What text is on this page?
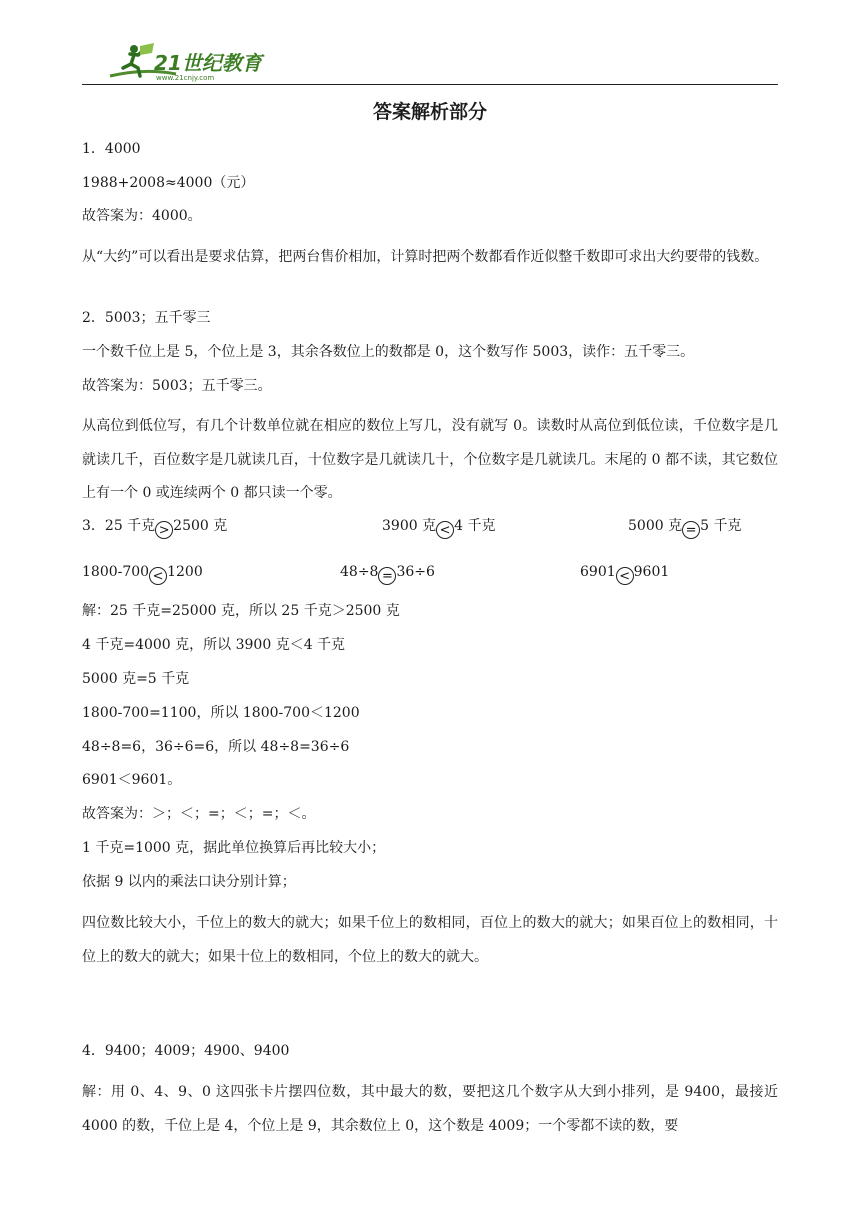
21世纪教育
www.21cnjy.com
答案解析部分
1．4000
1988+2008≈4000（元）
故答案为：4000。
从“大约”可以看出是要求估算，把两台售价相加，计算时把两个数都看作近似整千数即可求出大约要带的钱数。
2．5003；五千零三
一个数千位上是 5，个位上是 3，其余各数位上的数都是 0，这个数写作 5003，读作：五千零三。
故答案为：5003；五千零三。
从高位到低位写，有几个计数单位就在相应的数位上写几，没有就写 0。读数时从高位到低位读，千位数字是几就读几千，百位数字是几就读几百，十位数字是几就读几十，个位数字是几就读几。末尾的 0 都不读，其它数位上有一个 0 或连续两个 0 都只读一个零。
3．25 千克 > 2500 克	3900 克 < 4 千克	5000 克 = 5 千克
1800-700 < 1200	48÷8 = 36÷6	6901 < 9601
解：25 千克=25000 克，所以 25 千克＞2500 克
4 千克=4000 克，所以 3900 克＜4 千克
5000 克=5 千克
1800-700=1100，所以 1800-700＜1200
48÷8=6，36÷6=6，所以 48÷8=36÷6
6901＜9601。
故答案为：＞；＜；=；＜；=；＜。
1 千克=1000 克，据此单位换算后再比较大小；
依据 9 以内的乘法口诀分别计算；
四位数比较大小，千位上的数大的就大；如果千位上的数相同，百位上的数大的就大；如果百位上的数相同，十位上的数大的就大；如果十位上的数相同，个位上的数大的就大。
4．9400；4009；4900、9400
解：用 0、4、9、0 这四张卡片摆四位数，其中最大的数，要把这几个数字从大到小排列，是 9400，最接近 4000 的数，千位上是 4，个位上是 9，其余数位上 0，这个数是 4009；一个零都不读的数，要
